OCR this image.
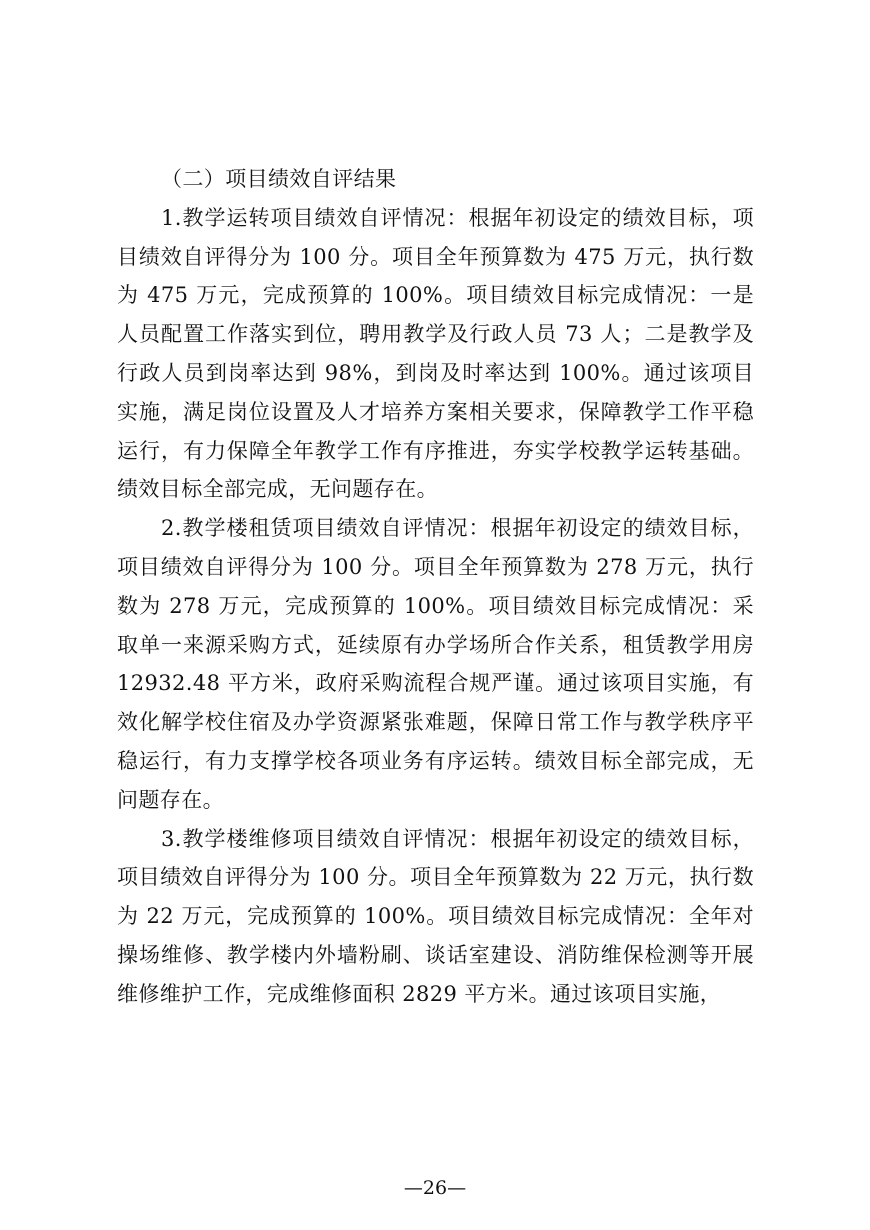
（二）项目绩效自评结果

1.教学运转项目绩效自评情况：根据年初设定的绩效目标，项目绩效自评得分为 100 分。项目全年预算数为 475 万元，执行数为 475 万元，完成预算的 100%。项目绩效目标完成情况：一是人员配置工作落实到位，聘用教学及行政人员 73 人；二是教学及行政人员到岗率达到 98%，到岗及时率达到 100%。通过该项目实施，满足岗位设置及人才培养方案相关要求，保障教学工作平稳运行，有力保障全年教学工作有序推进，夯实学校教学运转基础。绩效目标全部完成，无问题存在。

2.教学楼租赁项目绩效自评情况：根据年初设定的绩效目标，项目绩效自评得分为 100 分。项目全年预算数为 278 万元，执行数为 278 万元，完成预算的 100%。项目绩效目标完成情况：采取单一来源采购方式，延续原有办学场所合作关系，租赁教学用房 12932.48 平方米，政府采购流程合规严谨。通过该项目实施，有效化解学校住宿及办学资源紧张难题，保障日常工作与教学秩序平稳运行，有力支撑学校各项业务有序运转。绩效目标全部完成，无问题存在。

3.教学楼维修项目绩效自评情况：根据年初设定的绩效目标，项目绩效自评得分为 100 分。项目全年预算数为 22 万元，执行数为 22 万元，完成预算的 100%。项目绩效目标完成情况：全年对操场维修、教学楼内外墙粉刷、谈话室建设、消防维保检测等开展维修维护工作，完成维修面积 2829 平方米。通过该项目实施，

—26—
